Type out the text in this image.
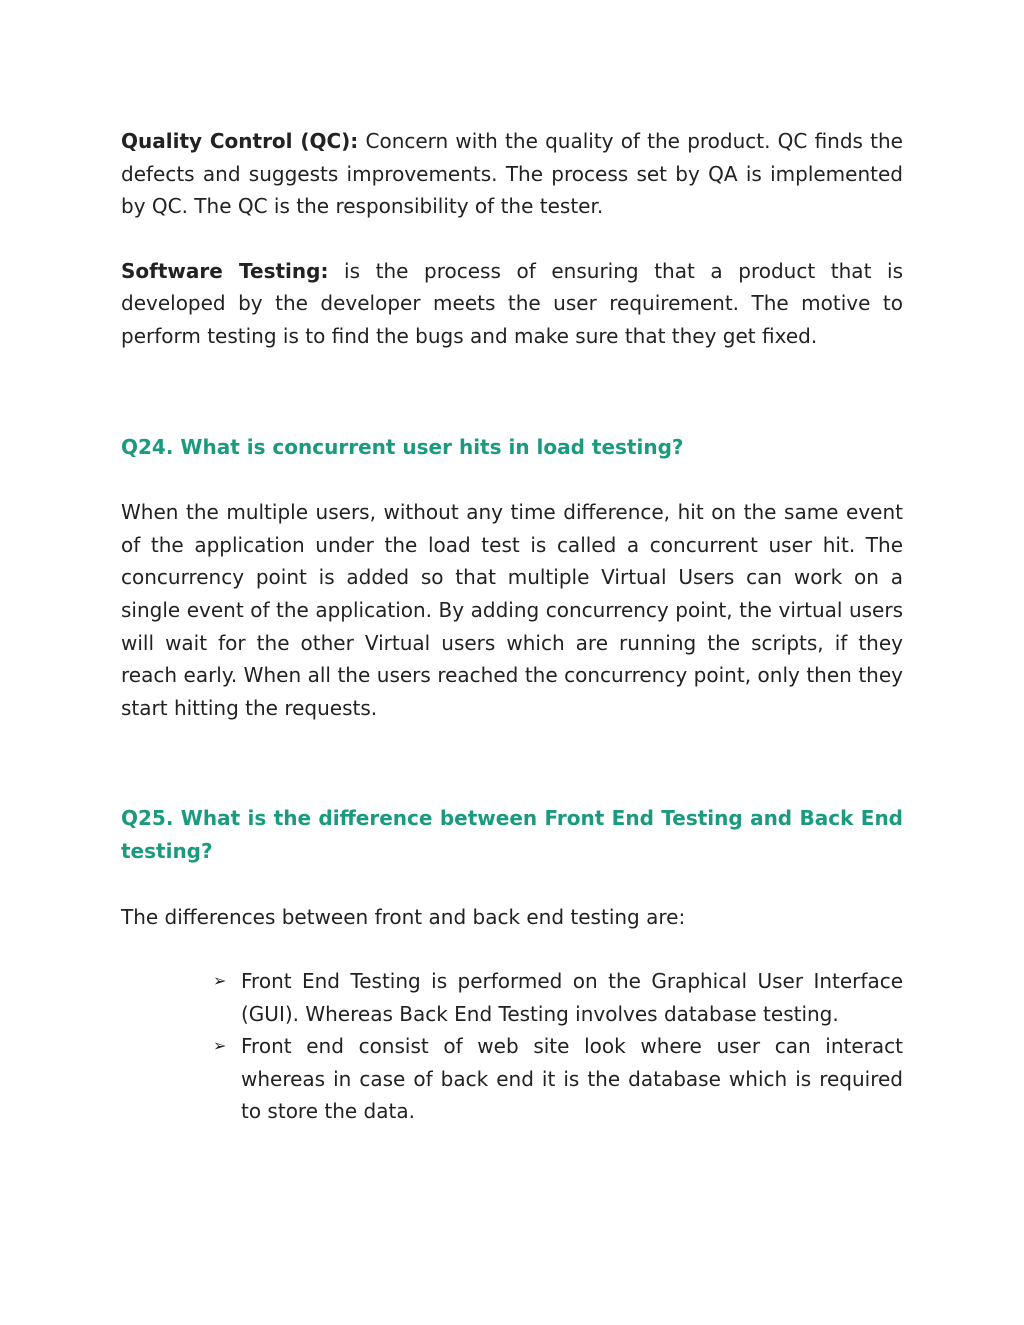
Quality Control (QC): Concern with the quality of the product. QC finds the defects and suggests improvements. The process set by QA is implemented by QC. The QC is the responsibility of the tester.

Software Testing: is the process of ensuring that a product that is developed by the developer meets the user requirement. The motive to perform testing is to find the bugs and make sure that they get fixed.

Q24. What is concurrent user hits in load testing?

When the multiple users, without any time difference, hit on the same event of the application under the load test is called a concurrent user hit. The concurrency point is added so that multiple Virtual Users can work on a single event of the application. By adding concurrency point, the virtual users will wait for the other Virtual users which are running the scripts, if they reach early. When all the users reached the concurrency point, only then they start hitting the requests.

Q25. What is the difference between Front End Testing and Back End testing?

The differences between front and back end testing are:

➢ Front End Testing is performed on the Graphical User Interface (GUI). Whereas Back End Testing involves database testing.
➢ Front end consist of web site look where user can interact whereas in case of back end it is the database which is required to store the data.
